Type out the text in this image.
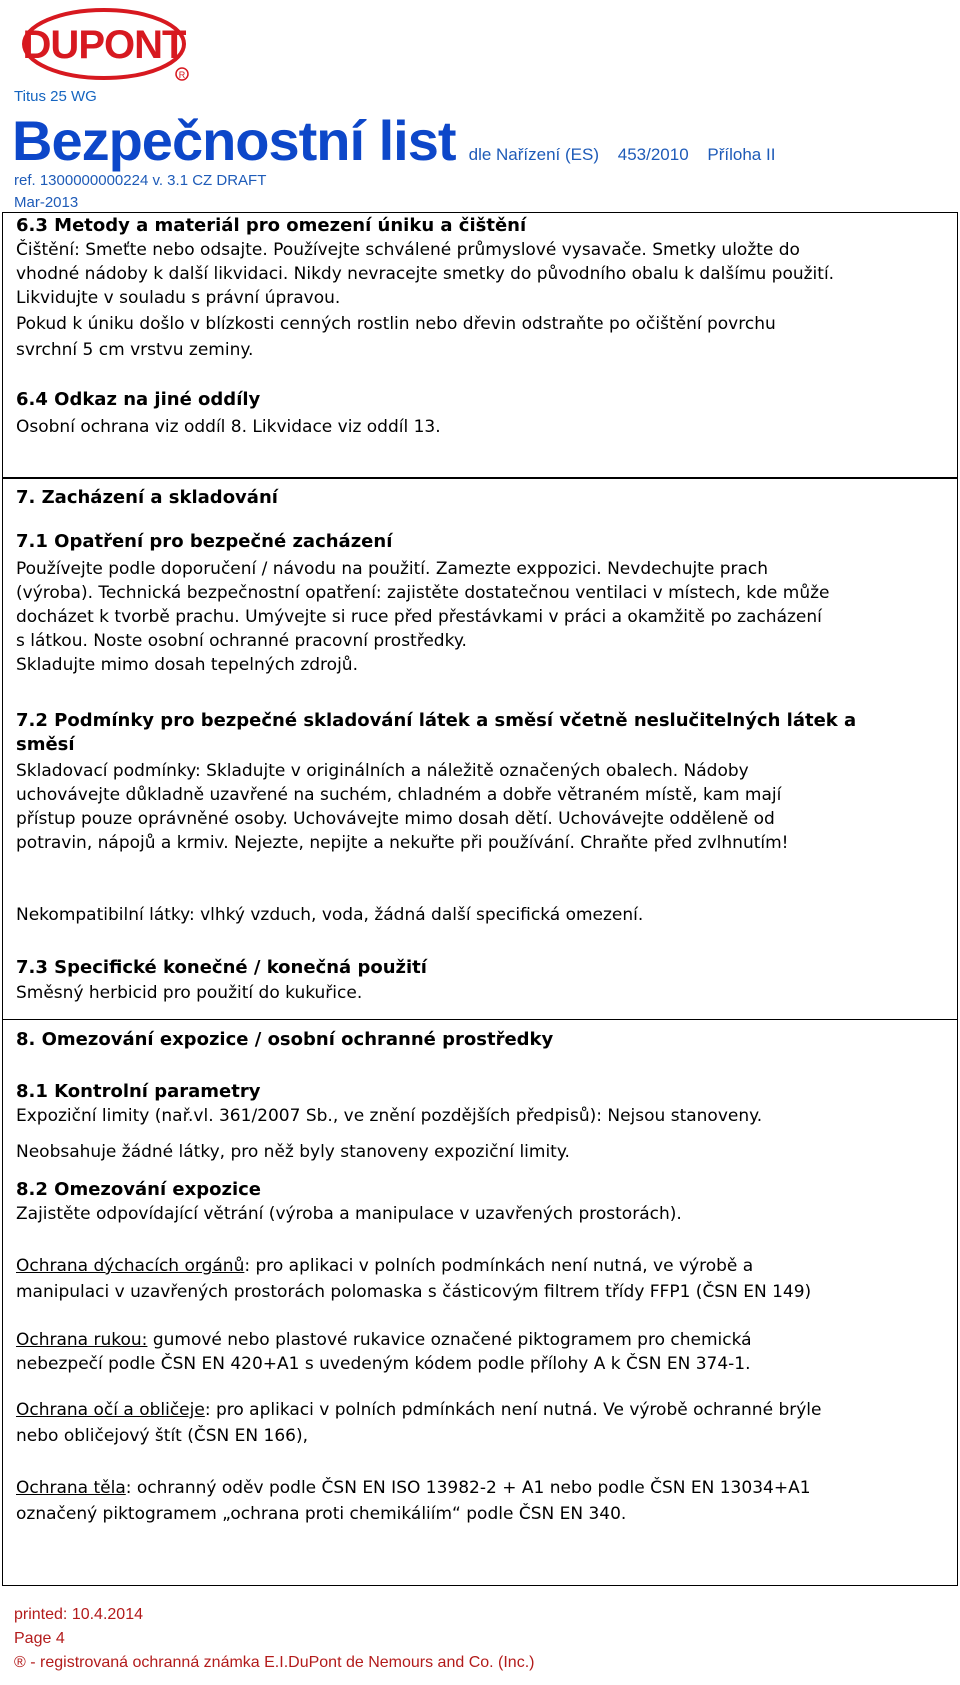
DUPONT
R
Titus 25 WG
Bezpečnostní list dle Nařízení (ES) 453/2010 Příloha II
ref. 1300000000224 v. 3.1 CZ DRAFT
Mar-2013
6.3 Metody a materiál pro omezení úniku a čištění
Čištění: Smeťte nebo odsajte. Používejte schválené průmyslové vysavače. Smetky uložte do
vhodné nádoby k další likvidaci. Nikdy nevracejte smetky do původního obalu k dalšímu použití.
Likvidujte v souladu s právní úpravou.
Pokud k úniku došlo v blízkosti cenných rostlin nebo dřevin odstraňte po očištění povrchu
svrchní 5 cm vrstvu zeminy.
6.4 Odkaz na jiné oddíly
Osobní ochrana viz oddíl 8. Likvidace viz oddíl 13.
7. Zacházení a skladování
7.1 Opatření pro bezpečné zacházení
Používejte podle doporučení / návodu na použití. Zamezte exppozici. Nevdechujte prach
(výroba). Technická bezpečnostní opatření: zajistěte dostatečnou ventilaci v místech, kde může
docházet k tvorbě prachu. Umývejte si ruce před přestávkami v práci a okamžitě po zacházení
s látkou. Noste osobní ochranné pracovní prostředky.
Skladujte mimo dosah tepelných zdrojů.
7.2 Podmínky pro bezpečné skladování látek a směsí včetně neslučitelných látek a
směsí
Skladovací podmínky: Skladujte v originálních a náležitě označených obalech. Nádoby
uchovávejte důkladně uzavřené na suchém, chladném a dobře větraném místě, kam mají
přístup pouze oprávněné osoby. Uchovávejte mimo dosah dětí. Uchovávejte odděleně od
potravin, nápojů a krmiv. Nejezte, nepijte a nekuřte při používání. Chraňte před zvlhnutím!
Nekompatibilní látky: vlhký vzduch, voda, žádná další specifická omezení.
7.3 Specifické konečné / konečná použití
Směsný herbicid pro použití do kukuřice.
8. Omezování expozice / osobní ochranné prostředky
8.1 Kontrolní parametry
Expoziční limity (nař.vl. 361/2007 Sb., ve znění pozdějších předpisů): Nejsou stanoveny.
Neobsahuje žádné látky, pro něž byly stanoveny expoziční limity.
8.2 Omezování expozice
Zajistěte odpovídající větrání (výroba a manipulace v uzavřených prostorách).
Ochrana dýchacích orgánů: pro aplikaci v polních podmínkách není nutná, ve výrobě a
manipulaci v uzavřených prostorách polomaska s částicovým filtrem třídy FFP1 (ČSN EN 149)
Ochrana rukou: gumové nebo plastové rukavice označené piktogramem pro chemická
nebezpečí podle ČSN EN 420+A1 s uvedeným kódem podle přílohy A k ČSN EN 374-1.
Ochrana očí a obličeje: pro aplikaci v polních pdmínkách není nutná. Ve výrobě ochranné brýle
nebo obličejový štít (ČSN EN 166),
Ochrana těla: ochranný oděv podle ČSN EN ISO 13982-2 + A1 nebo podle ČSN EN 13034+A1
označený piktogramem „ochrana proti chemikáliím“ podle ČSN EN 340.
printed: 10.4.2014
Page 4
® - registrovaná ochranná známka E.I.DuPont de Nemours and Co. (Inc.)
